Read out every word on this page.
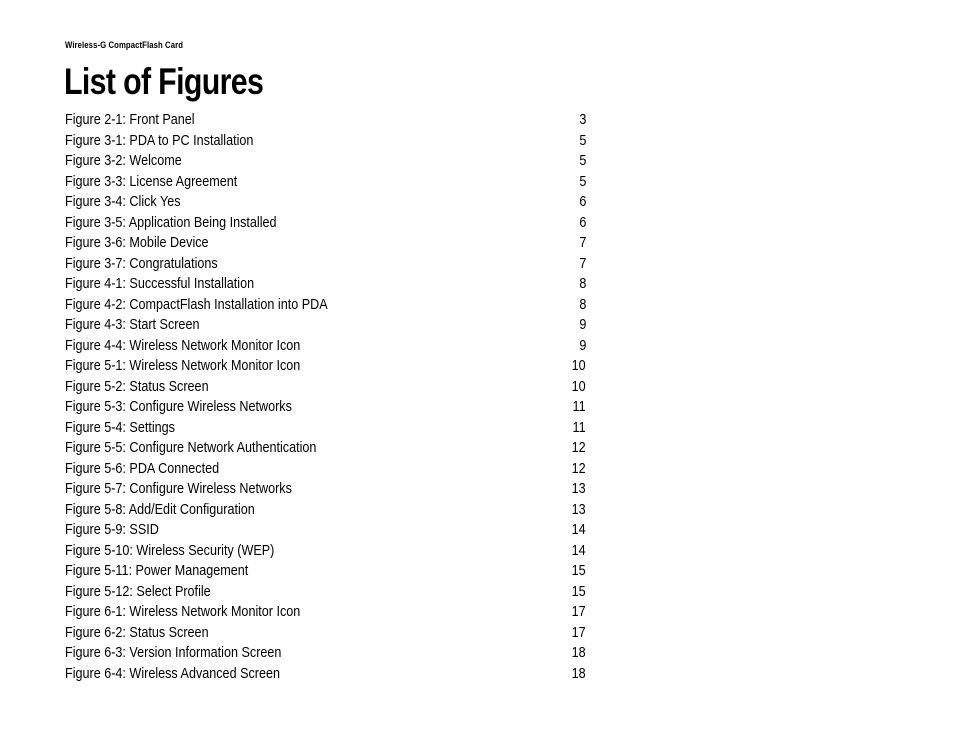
Wireless-G CompactFlash Card
List of Figures
Figure 2-1: Front Panel	3
Figure 3-1: PDA to PC Installation	5
Figure 3-2: Welcome	5
Figure 3-3: License Agreement	5
Figure 3-4: Click Yes	6
Figure 3-5: Application Being Installed	6
Figure 3-6: Mobile Device	7
Figure 3-7: Congratulations	7
Figure 4-1: Successful Installation	8
Figure 4-2: CompactFlash Installation into PDA	8
Figure 4-3: Start Screen	9
Figure 4-4: Wireless Network Monitor Icon	9
Figure 5-1: Wireless Network Monitor Icon	10
Figure 5-2: Status Screen	10
Figure 5-3: Configure Wireless Networks	11
Figure 5-4: Settings	11
Figure 5-5: Configure Network Authentication	12
Figure 5-6: PDA Connected	12
Figure 5-7: Configure Wireless Networks	13
Figure 5-8: Add/Edit Configuration	13
Figure 5-9: SSID	14
Figure 5-10: Wireless Security (WEP)	14
Figure 5-11: Power Management	15
Figure 5-12: Select Profile	15
Figure 6-1: Wireless Network Monitor Icon	17
Figure 6-2: Status Screen	17
Figure 6-3: Version Information Screen	18
Figure 6-4: Wireless Advanced Screen	18
